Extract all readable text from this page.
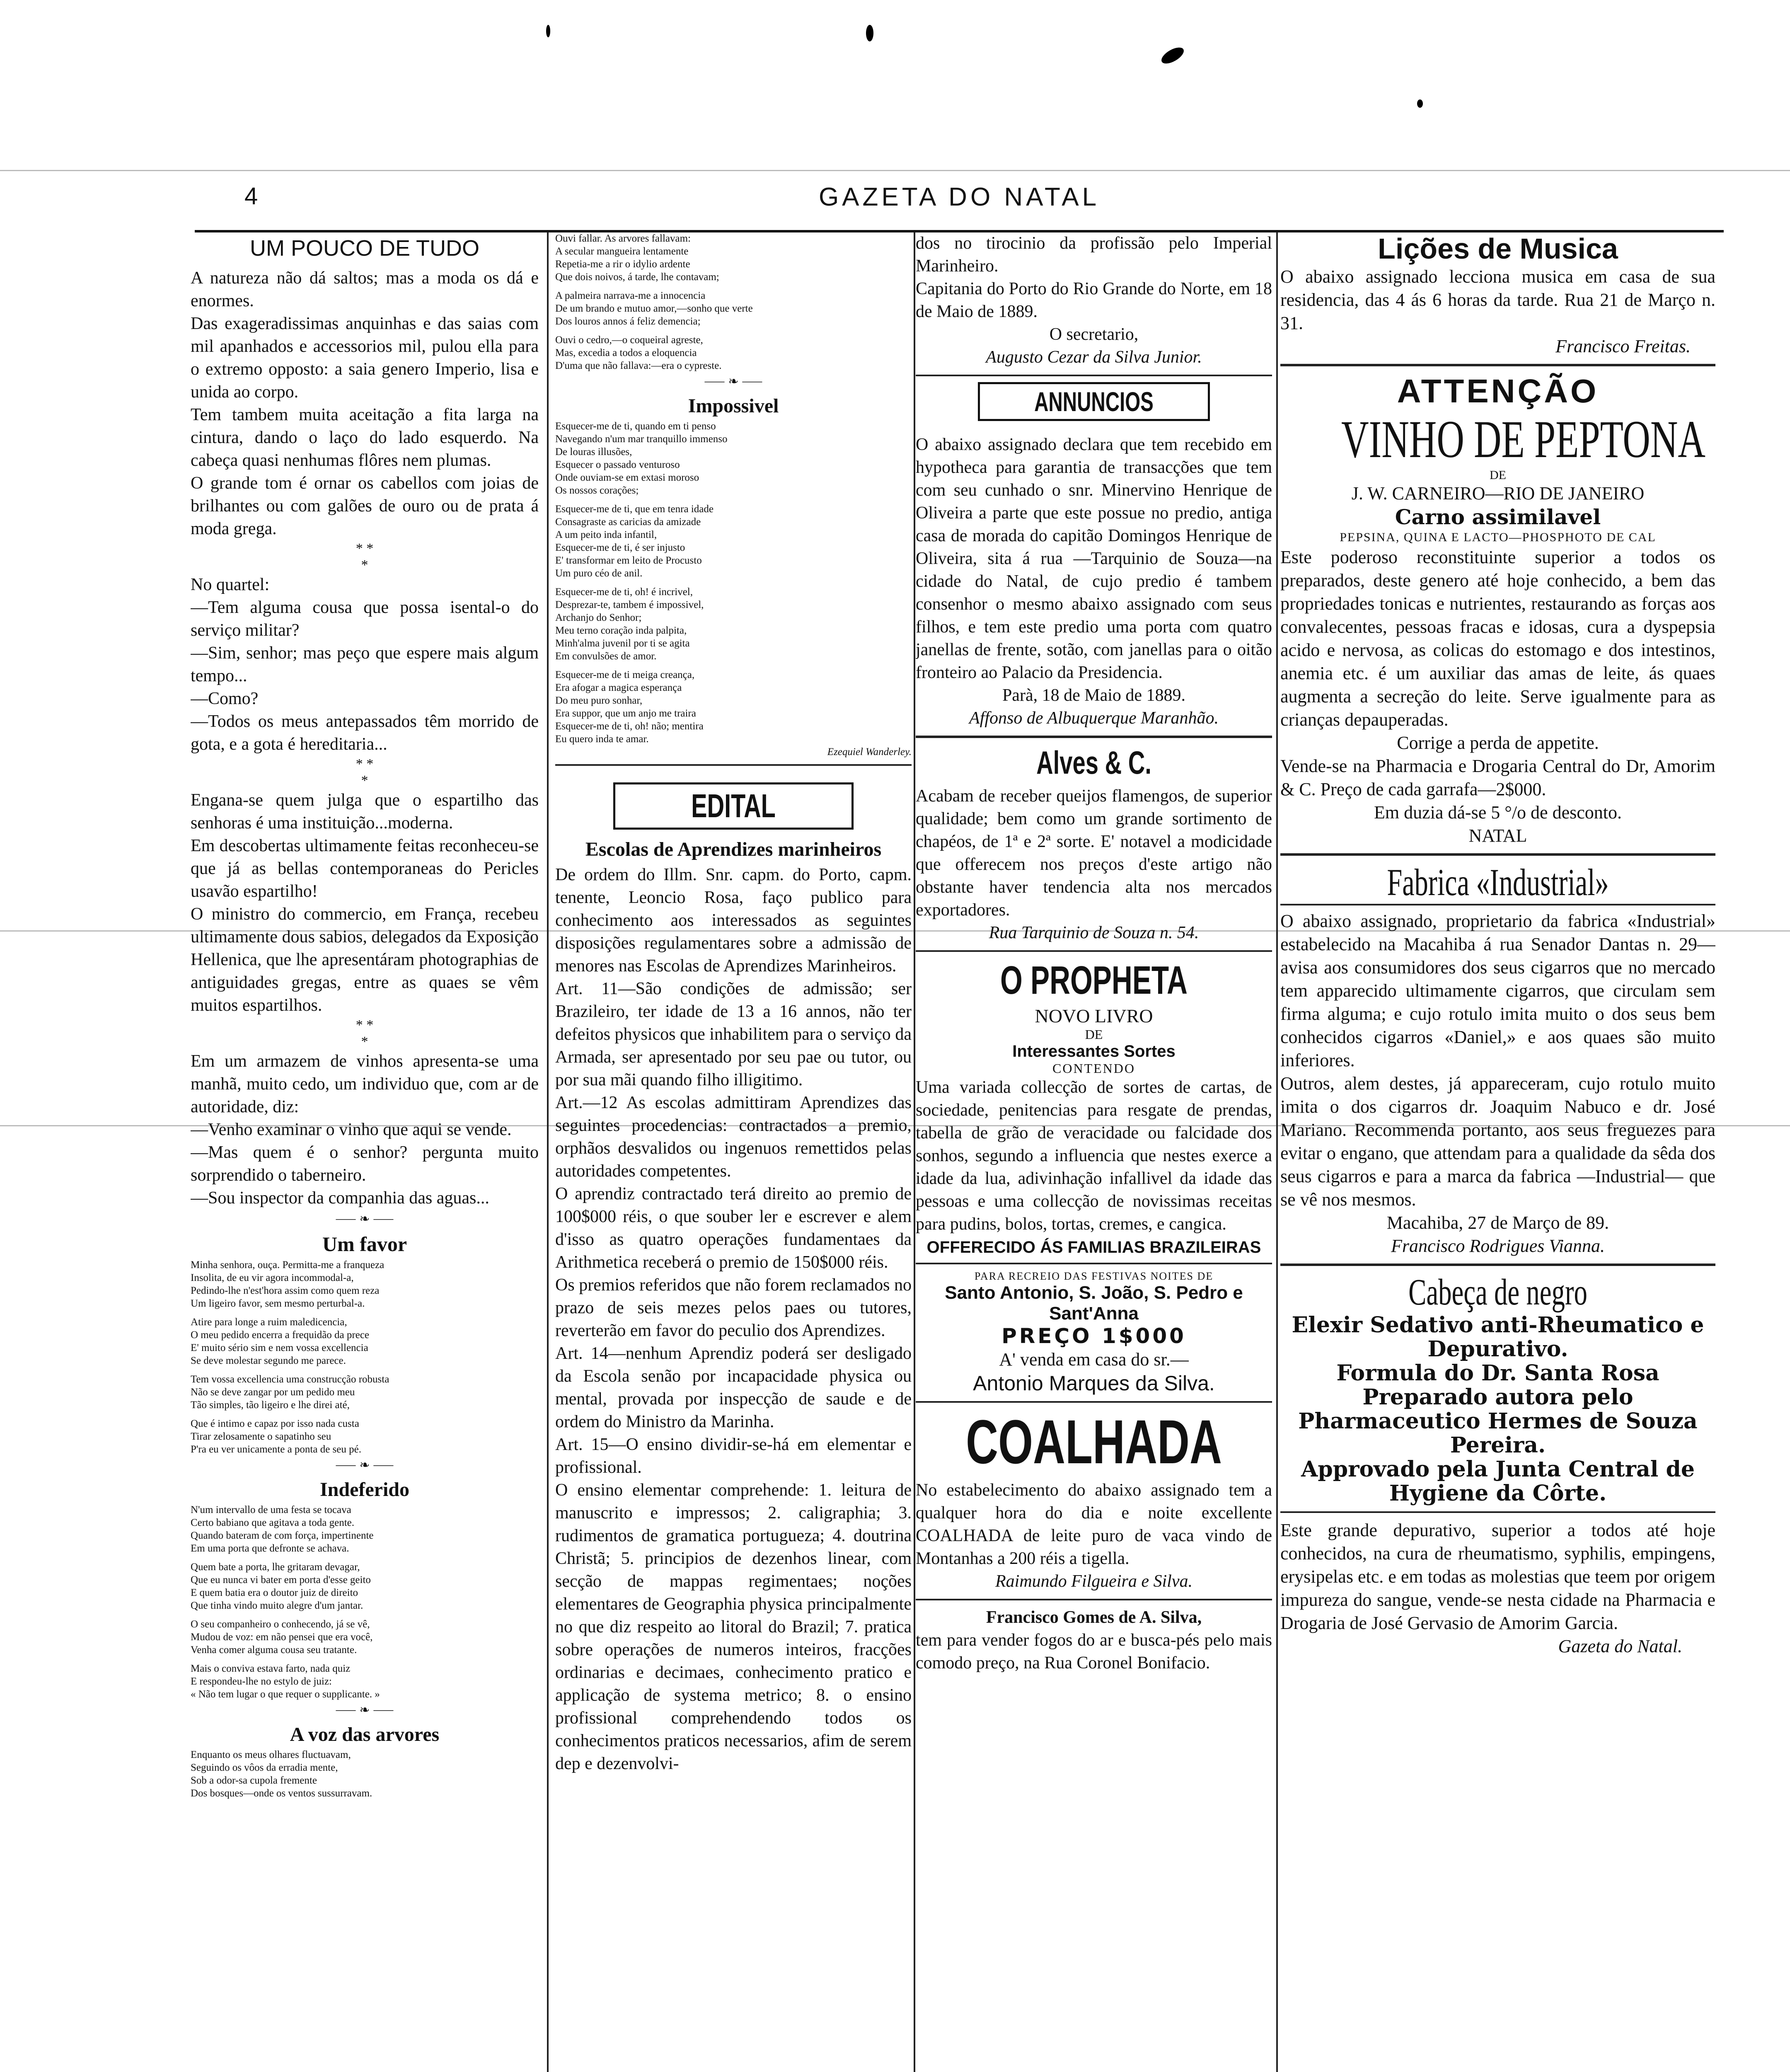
4	GAZETA DO NATAL
UM POUCO DE TUDO

A natureza não dá saltos; mas a moda os dá e enormes.

Das exageradissimas anquinhas e das saias com mil apanhados e accessorios mil, pulou ella para o extremo opposto: a saia genero Imperio, lisa e unida ao corpo.

Tem tambem muita aceitação a fita larga na cintura, dando o laço do lado esquerdo. Na cabeça quasi nenhumas flôres nem plumas.

O grande tom é ornar os cabellos com joias de brilhantes ou com galões de ouro ou de prata á moda grega.

* *
*

No quartel:

—Tem alguma cousa que possa isental-o do serviço militar?

—Sim, senhor; mas peço que espere mais algum tempo...

—Como?

—Todos os meus antepassados têm morrido de gota, e a gota é hereditaria...

* *
*

Engana-se quem julga que o espartilho das senhoras é uma instituição...moderna.

Em descobertas ultimamente feitas reconheceu-se que já as bellas contemporaneas do Pericles usavão espartilho!

O ministro do commercio, em França, recebeu ultimamente dous sabios, delegados da Exposição Hellenica, que lhe apresentáram photographias de antiguidades gregas, entre as quaes se vêm muitos espartilhos.

* *
*

Em um armazem de vinhos apresenta-se uma manhã, muito cedo, um individuo que, com ar de autoridade, diz:

—Venho examinar o vinho que aqui se vende.

—Mas quem é o senhor? pergunta muito sorprendido o taberneiro.

—Sou inspector da companhia das aguas...

⸺ ❧ ⸺
Um favor
Minha senhora, ouça. Permitta-me a franqueza
Insolita, de eu vir agora incommodal-a,
Pedindo-lhe n'est'hora assim como quem reza
Um ligeiro favor, sem mesmo perturbal-a.
Atire para longe a ruim maledicencia,
O meu pedido encerra a frequidão da prece
E' muito sério sim e nem vossa excellencia
Se deve molestar segundo me parece.
Tem vossa excellencia uma construcção robusta
Não se deve zangar por um pedido meu
Tão simples, tão ligeiro e lhe direi até,
Que é intimo e capaz por isso nada custa
Tirar zelosamente o sapatinho seu
P'ra eu ver unicamente a ponta de seu pé.
⸺ ❧ ⸺
Indeferido
N'um intervallo de uma festa se tocava
Certo babiano que agitava a toda gente.
Quando bateram de com força, impertinente
Em uma porta que defronte se achava.
Quem bate a porta, lhe gritaram devagar,
Que eu nunca vi bater em porta d'esse geito
E quem batia era o doutor juiz de direito
Que tinha vindo muito alegre d'um jantar.
O seu companheiro o conhecendo, já se vê,
Mudou de voz: em não pensei que era você,
Venha comer alguma cousa seu tratante.
Mais o conviva estava farto, nada quiz
E respondeu-lhe no estylo de juiz:
« Não tem lugar o que requer o supplicante. »
⸺ ❧ ⸺
A voz das arvores
Enquanto os meus olhares fluctuavam,
Seguindo os vôos da erradia mente,
Sob a odor-sa cupola fremente
Dos bosques—onde os ventos sussurravam.
Ouvi fallar. As arvores fallavam:
A secular mangueira lentamente
Repetia-me a rir o idylio ardente
Que dois noivos, á tarde, lhe contavam;
A palmeira narrava-me a innocencia
De um brando e mutuo amor,—sonho que verte
Dos louros annos á feliz demencia;
Ouvi o cedro,—o coqueiral agreste,
Mas, excedia a todos a eloquencia
D'uma que não fallava:—era o cypreste.
⸺ ❧ ⸺
Impossivel
Esquecer-me de ti, quando em ti penso
Navegando n'um mar tranquillo immenso
De louras illusões,
Esquecer o passado venturoso
Onde ouviam-se em extasi moroso
Os nossos corações;
Esquecer-me de ti, que em tenra idade
Consagraste as caricias da amizade
A um peito inda infantil,
Esquecer-me de ti, é ser injusto
E' transformar em leito de Procusto
Um puro céo de anil.
Esquecer-me de ti, oh! é incrivel,
Desprezar-te, tambem é impossivel,
Archanjo do Senhor;
Meu terno coração inda palpita,
Minh'alma juvenil por ti se agita
Em convulsões de amor.
Esquecer-me de ti meiga creança,
Era afogar a magica esperança
Do meu puro sonhar,
Era suppor, que um anjo me traira
Esquecer-me de ti, oh! não; mentira
Eu quero inda te amar.

Ezequiel Wanderley.

EDITAL
Escolas de Aprendizes marinheiros

De ordem do Illm. Snr. capm. do Porto, capm. tenente, Leoncio Rosa, faço publico para conhecimento aos interessados as seguintes disposições regulamentares sobre a admissão de menores nas Escolas de Aprendizes Marinheiros.

Art. 11—São condições de admissão; ser Brazileiro, ter idade de 13 a 16 annos, não ter defeitos physicos que inhabilitem para o serviço da Armada, ser apresentado por seu pae ou tutor, ou por sua mãi quando filho illigitimo.

Art.—12 As escolas admittiram Aprendizes das seguintes procedencias: contractados a premio, orphãos desvalidos ou ingenuos remettidos pelas autoridades competentes.

O aprendiz contractado terá direito ao premio de 100$000 réis, o que souber ler e escrever e alem d'isso as quatro operações fundamentaes da Arithmetica receberá o premio de 150$000 réis.

Os premios referidos que não forem reclamados no prazo de seis mezes pelos paes ou tutores, reverterão em favor do peculio dos Aprendizes.

Art. 14—nenhum Aprendiz poderá ser desligado da Escola senão por incapacidade physica ou mental, provada por inspecção de saude e de ordem do Ministro da Marinha.

Art. 15—O ensino dividir-se-há em elementar e profissional.

O ensino elementar comprehende: 1. leitura de manuscrito e impressos; 2. caligraphia; 3. rudimentos de gramatica portugueza; 4. doutrina Christã; 5. principios de dezenhos linear, com secção de mappas regimentaes; noções elementares de Geographia physica principalmente no que diz respeito ao litoral do Brazil; 7. pratica sobre operações de numeros inteiros, fracções ordinarias e decimaes, conhecimento pratico e applicação de systema metrico; 8. o ensino profissional comprehendendo todos os conhecimentos praticos necessarios, afim de serem dep e dezenvolvi-

dos no tirocinio da profissão pelo Imperial Marinheiro.

Capitania do Porto do Rio Grande do Norte, em 18 de Maio de 1889.

O secretario,

Augusto Cezar da Silva Junior.

ANNUNCIOS

O abaixo assignado declara que tem recebido em hypotheca para garantia de transacções que tem com seu cunhado o snr. Minervino Henrique de Oliveira a parte que este possue no predio, antiga casa de morada do capitão Domingos Henrique de Oliveira, sita á rua —Tarquinio de Souza—na cidade do Natal, de cujo predio é tambem consenhor o mesmo abaixo assignado com seus filhos, e tem este predio uma porta com quatro janellas de frente, sotão, com janellas para o oitão fronteiro ao Palacio da Presidencia.

Parà, 18 de Maio de 1889.

Affonso de Albuquerque Maranhão.

Alves & C.

Acabam de receber queijos flamengos, de superior qualidade; bem como um grande sortimento de chapéos, de 1ª e 2ª sorte. E' notavel a modicidade que offerecem nos preços d'este artigo não obstante haver tendencia alta nos mercados exportadores.

Rua Tarquinio de Souza n. 54.

O PROPHETA
NOVO LIVRO
DE
Interessantes Sortes
CONTENDO

Uma variada collecção de sortes de cartas, de sociedade, penitencias para resgate de prendas, tabella de grão de veracidade ou falcidade dos sonhos, segundo a influencia que nestes exerce a idade da lua, adivinhação infallivel da idade das pessoas e uma collecção de novissimas receitas para pudins, bolos, tortas, cremes, e cangica.

OFFERECIDO ÁS FAMILIAS BRAZILEIRAS
PARA RECREIO DAS FESTIVAS NOITES DE
Santo Antonio, S. João, S. Pedro e Sant'Anna
PREÇO 1$000
A' venda em casa do sr.—
Antonio Marques da Silva.
COALHADA

No estabelecimento do abaixo assignado tem a qualquer hora do dia e noite excellente COALHADA de leite puro de vaca vindo de Montanhas a 200 réis a tigella.

Raimundo Filgueira e Silva.

Francisco Gomes de A. Silva,

tem para vender fogos do ar e busca-pés pelo mais comodo preço, na Rua Coronel Bonifacio.

Lições de Musica

O abaixo assignado lecciona musica em casa de sua residencia, das 4 ás 6 horas da tarde. Rua 21 de Março n. 31.

Francisco Freitas.

ATTENÇÃO
VINHO DE PEPTONA
DE
J. W. CARNEIRO—RIO DE JANEIRO
Carno assimilavel
PEPSINA, QUINA E LACTO—PHOSPHOTO DE CAL

Este poderoso reconstituinte superior a todos os preparados, deste genero até hoje conhecido, a bem das propriedades tonicas e nutrientes, restaurando as forças aos convalecentes, pessoas fracas e idosas, cura a dyspepsia acido e nervosa, as colicas do estomago e dos intestinos, anemia etc. é um auxiliar das amas de leite, ás quaes augmenta a secreção do leite. Serve igualmente para as crianças depauperadas.

Corrige a perda de appetite.

Vende-se na Pharmacia e Drogaria Central do Dr, Amorim & C. Preço de cada garrafa—2$000.

Em duzia dá-se 5 °/o de desconto.

NATAL

Fabrica «Industrial»

O abaixo assignado, proprietario da fabrica «Industrial» estabelecido na Macahiba á rua Senador Dantas n. 29—avisa aos consumidores dos seus cigarros que no mercado tem apparecido ultimamente cigarros, que circulam sem firma alguma; e cujo rotulo imita muito o dos seus bem conhecidos cigarros «Daniel,» e aos quaes são muito inferiores.

Outros, alem destes, já appareceram, cujo rotulo muito imita o dos cigarros dr. Joaquim Nabuco e dr. José Mariano. Recommenda portanto, aos seus freguezes para evitar o engano, que attendam para a qualidade da sêda dos seus cigarros e para a marca da fabrica —Industrial— que se vê nos mesmos.

Macahiba, 27 de Março de 89.

Francisco Rodrigues Vianna.

Cabeça de negro
Elexir Sedativo anti-Rheumatico e Depurativo.
Formula do Dr. Santa Rosa
Preparado autora pelo Pharmaceutico Hermes de Souza Pereira.
Approvado pela Junta Central de Hygiene da Côrte.

Este grande depurativo, superior a todos até hoje conhecidos, na cura de rheumatismo, syphilis, empingens, erysipelas etc. e em todas as molestias que teem por origem impureza do sangue, vende-se nesta cidade na Pharmacia e Drogaria de José Gervasio de Amorim Garcia.

Gazeta do Natal.
